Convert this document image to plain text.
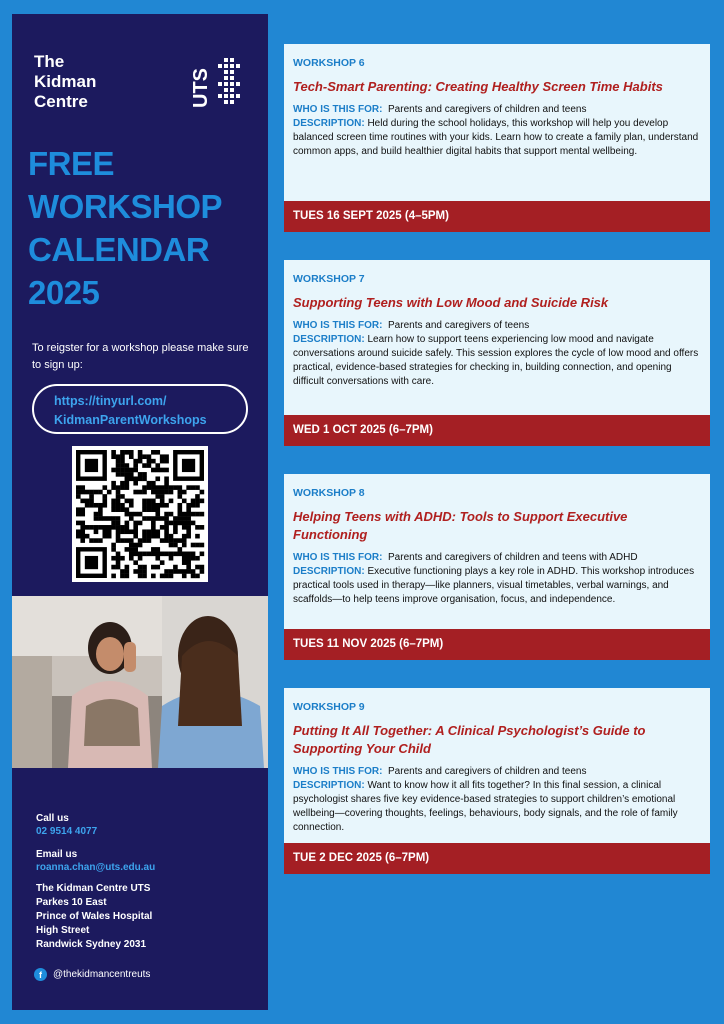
The
Kidman
Centre	UTS
FREE
WORKSHOP
CALENDAR
2025
To reigster for a workshop please make sure to sign up:
https://tinyurl.com/
KidmanParentWorkshops
Call us
02 9514 4077
Email us
roanna.chan@uts.edu.au
The Kidman Centre UTS
Parkes 10 East
Prince of Wales Hospital
High Street
Randwick Sydney 2031
f	@thekidmancentreuts
WORKSHOP 6
Tech-Smart Parenting: Creating Healthy Screen Time Habits
WHO IS THIS FOR: Parents and caregivers of children and teens
DESCRIPTION: Held during the school holidays, this workshop will help you develop balanced screen time routines with your kids. Learn how to create a family plan, understand common apps, and build healthier digital habits that support mental wellbeing.
TUES 16 SEPT 2025 (4–5PM)
WORKSHOP 7
Supporting Teens with Low Mood and Suicide Risk
WHO IS THIS FOR: Parents and caregivers of teens
DESCRIPTION: Learn how to support teens experiencing low mood and navigate conversations around suicide safely. This session explores the cycle of low mood and offers practical, evidence-based strategies for checking in, building connection, and opening difficult conversations with care.
WED 1 OCT 2025 (6–7PM)
WORKSHOP 8
Helping Teens with ADHD: Tools to Support Executive Functioning
WHO IS THIS FOR: Parents and caregivers of children and teens with ADHD
DESCRIPTION: Executive functioning plays a key role in ADHD. This workshop introduces practical tools used in therapy—like planners, visual timetables, verbal warnings, and scaffolds—to help teens improve organisation, focus, and independence.
TUES 11 NOV 2025 (6–7PM)
WORKSHOP 9
Putting It All Together: A Clinical Psychologist’s Guide to Supporting Your Child
WHO IS THIS FOR: Parents and caregivers of children and teens
DESCRIPTION: Want to know how it all fits together? In this final session, a clinical psychologist shares five key evidence-based strategies to support children’s emotional wellbeing—covering thoughts, feelings, behaviours, body signals, and the role of family connection.
TUE 2 DEC 2025 (6–7PM)
